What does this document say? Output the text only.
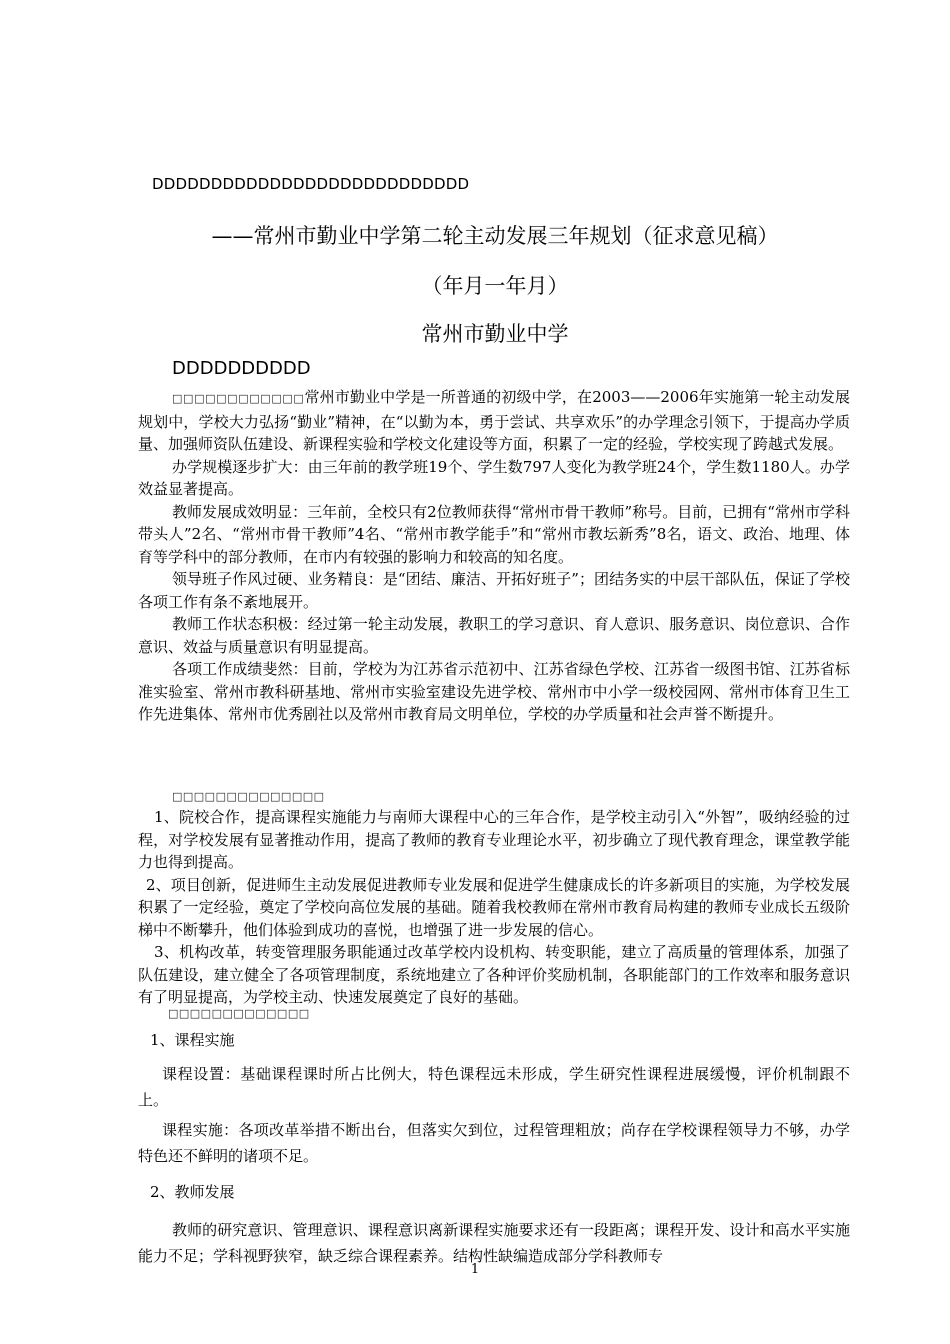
DDDDDDDDDDDDDDDDDDDDDDDDDDD
——常州市勤业中学第二轮主动发展三年规划（征求意见稿）
（年月一年月）
常州市勤业中学
DDDDDDDDDD

□□□□□□□□□□□□常州市勤业中学是一所普通的初级中学，在2003——2006年实施第一轮主动发展规划中，学校大力弘扬“勤业”精神，在“以勤为本，勇于尝试、共享欢乐”的办学理念引领下，于提高办学质量、加强师资队伍建设、新课程实验和学校文化建设等方面，积累了一定的经验，学校实现了跨越式发展。

办学规模逐步扩大：由三年前的教学班19个、学生数797人变化为教学班24个，学生数1180人。办学效益显著提高。

教师发展成效明显：三年前，全校只有2位教师获得“常州市骨干教师”称号。目前，已拥有“常州市学科带头人”2名、“常州市骨干教师”4名、“常州市教学能手”和“常州市教坛新秀”8名，语文、政治、地理、体育等学科中的部分教师，在市内有较强的影响力和较高的知名度。

领导班子作风过硬、业务精良：是“团结、廉洁、开拓好班子”；团结务实的中层干部队伍，保证了学校各项工作有条不紊地展开。

教师工作状态积极：经过第一轮主动发展，教职工的学习意识、育人意识、服务意识、岗位意识、合作意识、效益与质量意识有明显提高。

各项工作成绩斐然：目前，学校为为江苏省示范初中、江苏省绿色学校、江苏省一级图书馆、江苏省标准实验室、常州市教科研基地、常州市实验室建设先进学校、常州市中小学一级校园网、常州市体育卫生工作先进集体、常州市优秀剧社以及常州市教育局文明单位，学校的办学质量和社会声誉不断提升。

□□□□□□□□□□□□□□

1、院校合作，提高课程实施能力与南师大课程中心的三年合作，是学校主动引入“外智”，吸纳经验的过程，对学校发展有显著推动作用，提高了教师的教育专业理论水平，初步确立了现代教育理念，课堂教学能力也得到提高。

2、项目创新，促进师生主动发展促进教师专业发展和促进学生健康成长的许多新项目的实施，为学校发展积累了一定经验，奠定了学校向高位发展的基础。随着我校教师在常州市教育局构建的教师专业成长五级阶梯中不断攀升，他们体验到成功的喜悦，也增强了进一步发展的信心。

3、机构改革，转变管理服务职能通过改革学校内设机构、转变职能，建立了高质量的管理体系，加强了队伍建设，建立健全了各项管理制度，系统地建立了各种评价奖励机制，各职能部门的工作效率和服务意识有了明显提高，为学校主动、快速发展奠定了良好的基础。

□□□□□□□□□□□□□

1、课程实施

课程设置：基础课程课时所占比例大，特色课程远未形成，学生研究性课程进展缓慢，评价机制跟不上。

课程实施：各项改革举措不断出台，但落实欠到位，过程管理粗放；尚存在学校课程领导力不够，办学特色还不鲜明的诸项不足。

2、教师发展

教师的研究意识、管理意识、课程意识离新课程实施要求还有一段距离；课程开发、设计和高水平实施能力不足；学科视野狭窄，缺乏综合课程素养。结构性缺编造成部分学科教师专

1
